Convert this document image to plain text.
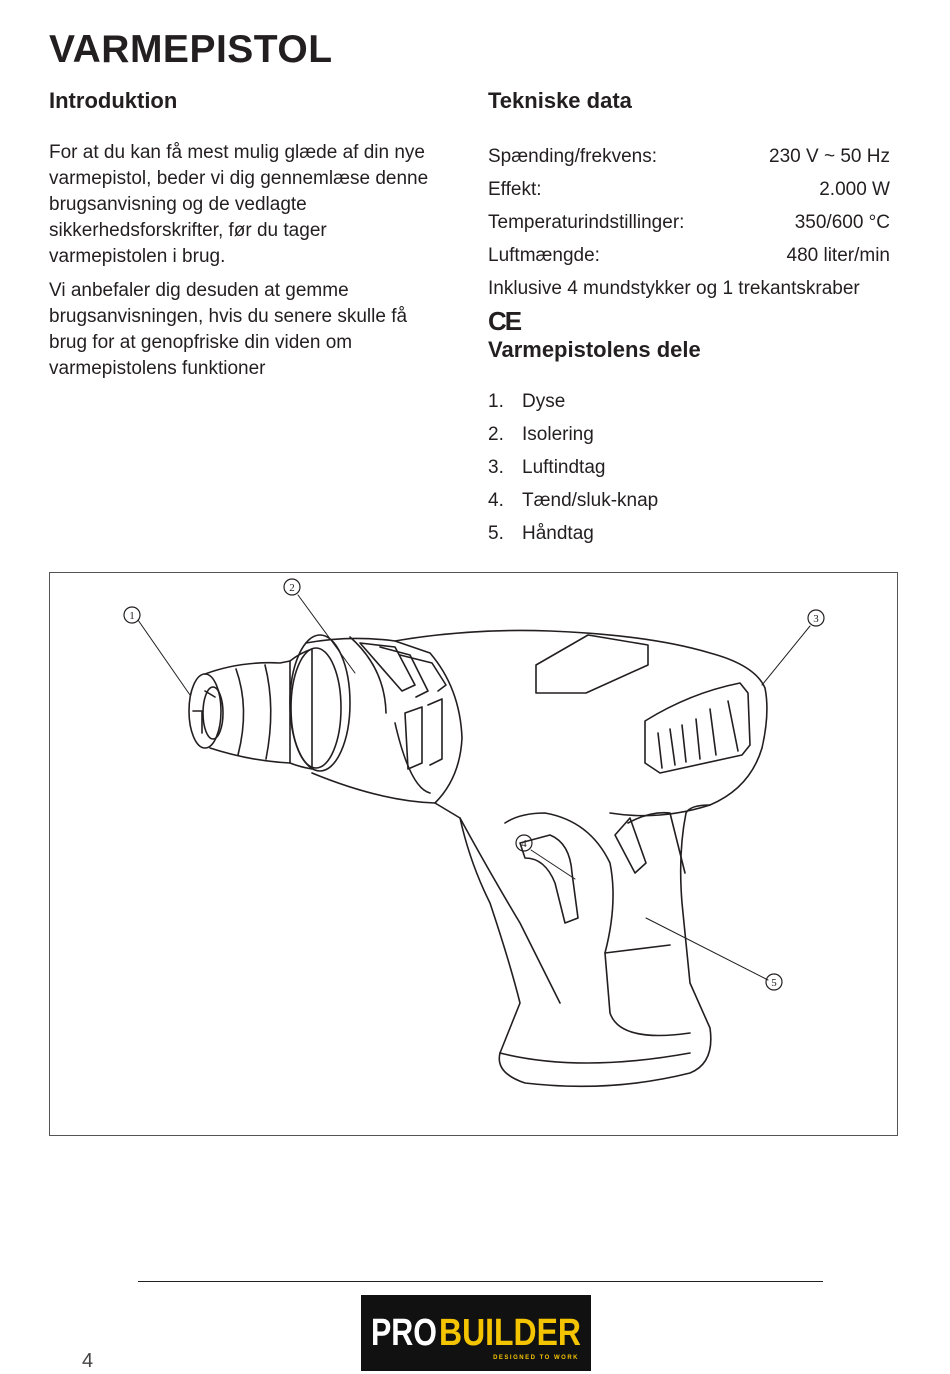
VARMEPISTOL
Introduktion

For at du kan få mest mulig glæde af din nye varmepistol, beder vi dig gennemlæse denne brugsanvisning og de vedlagte sikkerhedsforskrifter, før du tager varmepistolen i brug.

Vi anbefaler dig desuden at gemme brugsanvisningen, hvis du senere skulle få brug for at genopfriske din viden om varmepistolens funktioner

Tekniske data
Spænding/frekvens:	230 V ~ 50 Hz
Effekt:	2.000 W
Temperaturindstillinger:	350/600 °C
Luftmængde:	480 liter/min
Inklusive 4 mundstykker og 1 trekantskraber
CE
Varmepistolens dele
1. Dyse
2. Isolering
3. Luftindtag
4. Tænd/sluk-knap
5. Håndtag
1
2
3
4
5
PRO BUILDER
DESIGNED TO WORK
4
